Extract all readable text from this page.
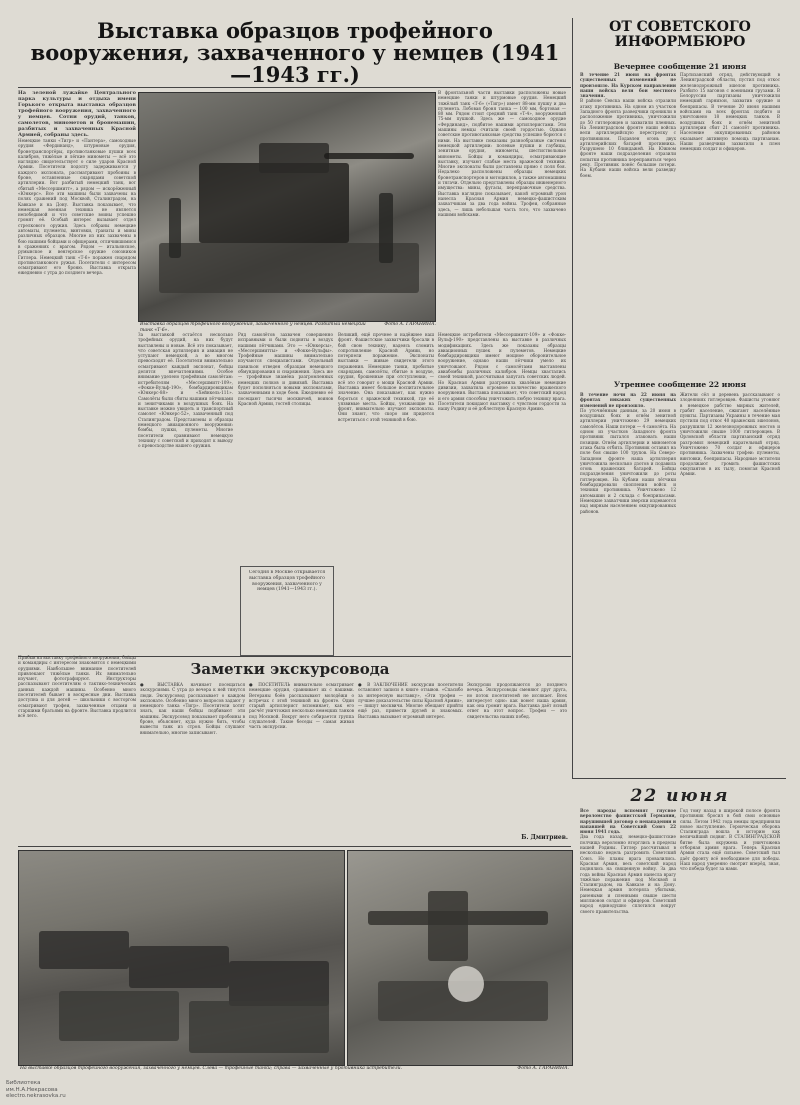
Выставка образцов трофейного вооружения, захваченного у немцев (1941—1943 гг.)
ОТ СОВЕТСКОГО ИНФОРМБЮРО
Вечернее сообщение 21 июня

На зеленой лужайке Центрального парка культуры и отдыха имени Горького открыта выставка образцов трофейного вооружения, захваченного у немцев. Сотни орудий, танков, самолетов, минометов и бронемашин, разбитых и захваченных Красной Армией, собраны здесь.

Немецкие танки «Тигр» и «Пантера», самоходные орудия «Фердинанд», штурмовые орудия, бронетранспортёры, противотанковые пушки всех калибров, тяжёлые и лёгкие минометы — всё это наглядно свидетельствует о силе ударов Красной Армии. Посетители подолгу задерживаются у каждого экспоната, рассматривают пробоины в броне, оставленные снарядами советской артиллерии. Вот разбитый немецкий танк, вот сбитый «Мессершмитт», а рядом — искорёженный «Юнкерс». Все эти машины были захвачены на полях сражений под Москвой, Сталинградом, на Кавказе и на Дону. Выставка показывает, что немецкая военная техника не является непобедимой и что советские воины успешно громят её. Особый интерес вызывает отдел стрелкового оружия. Здесь собраны немецкие автоматы, пулеметы, винтовки, гранаты и мины различных образцов. Многие из них захвачены в бою нашими бойцами и офицерами, отличившимися в сражениях с врагом. Рядом — итальянское, румынское и венгерское оружие союзников Гитлера. Немецкий танк «Т-6» поражен снарядом противотанкового ружья. Посетители с интересом осматривают его броню. Выставка открыта ежедневно с утра до позднего вечера.

В фронтальной части выставки расположены новые немецкие танки и штурмовые орудия. Немецкий тяжёлый танк «Т-6» («Тигр») имеет 88-мм пушку и два пулемета. Лобовая броня танка — 100 мм, бортовая — 80 мм. Рядом стоит средний танк «Т-4», вооруженный 75-мм пушкой. Здесь же — самоходное орудие «Фердинанд», подбитое нашими артиллеристами. Эти машины немцы считали своей гордостью. Однако советские противотанковые средства успешно борются с ними. На выставке показаны разнообразные системы немецкой артиллерии: полевые пушки и гаубицы, зенитные орудия, минометы, шестиствольные минометы. Бойцы и командиры, осматривающие выставку, изучают слабые места вражеской техники. Многие экспонаты были доставлены прямо с поля боя. Недалеко расположены образцы немецких бронетранспортеров и мотоциклов, а также автомашины и тягачи. Отдельно представлены образцы инженерного имущества: мины, фугасы, переправочные средства. Выставка наглядно показывает, какой огромный урон нанесла Красная Армия немецко-фашистским захватчикам за два года войны. Трофеи, собранные здесь, — лишь небольшая часть того, что захвачено нашими войсками.

Выставка образцов трофейного вооружения, захваченного у немцев. Разбитый немецкий танк «Т-6».
Фото А. ГАРАНИНА.

За выставкой остаётся несколько трофейных орудий, на них будут выставлены и новые. Всё это показывает, что советская артиллерия и авиация не уступают немецкой, а во многом превосходят её. Посетители внимательно осматривают каждый экспонат, бойцы делятся впечатлениями. Особое внимание уделено трофейным самолётам: истребителям «Мессершмитт-109», «Фокке-Вульф-190», бомбардировщикам «Юнкерс-88» и «Хейнкель-111». Самолёты были сбиты нашими лётчиками и зенитчиками в воздушных боях. На выставке можно увидеть и транспортный самолет «Юнкерс-52», захваченный под Сталинградом. Представлены и образцы немецкого авиационного вооружения: бомбы, пушки, пулеметы. Многие посетители сравнивают немецкую технику с советской и приходят к выводу о превосходстве нашего оружия.

Ряд самолётов захвачен совершенно исправными и были подняты в воздух нашими лётчиками. Это — «Юнкерсы», «Мессершмитты» и «Фокке-Вульфы». Трофейные машины внимательно изучаются специалистами. Отдельный павильон отведен образцам немецкого обмундирования и снаряжения. Здесь же — трофейные знамёна разгромленных немецких полков и дивизий. Выставка будет пополняться новыми экспонатами, захваченными в ходе боев. Ежедневно её посещают тысячи москвичей, воинов Красной Армии, гостей столицы.

Великий, ещё прочнее и надёжнее наш фронт. Фашистские захватчики бросали в бой свою технику, надеясь сломить сопротивление Красной Армии, но потерпели поражение. Экспонаты выставки — живые свидетели этого поражения. Немецкие танки, пробитые снарядами, самолёты, сбитые в воздухе, орудия, брошенные при отступлении, — всё это говорит о мощи Красной Армии. Выставка имеет большое воспитательное значение. Она показывает, как нужно бороться с вражеской техникой, где её уязвимые места. Бойцы, уезжающие на фронт, внимательно изучают экспонаты. Они знают, что скоро им придется встретиться с этой техникой в бою.

Сегодня в Москве открывается выставка образцов трофейного вооружения, захваченного у немцев (1941—1943 гг.).

Немецкие истребители «Мессершмитт-109» и «Фокке-Вульф-190» представлены на выставке в различных модификациях. Здесь же показаны образцы авиационных пушек и пулеметов. Немецкие бомбардировщики имеют мощное оборонительное вооружение, однако наши лётчики умело их уничтожают. Рядом с самолётами выставлены авиабомбы различных калибров. Немцы хвастались своей техникой, рассчитывая запугать советских людей. Но Красная Армия разгромила хвалёные немецкие дивизии, захватила огромное количество вражеского вооружения. Выставка показывает, что советский народ и его армия способны уничтожить любую технику врага. Посетители покидают выставку с чувством гордости за нашу Родину и её доблестную Красную Армию.

В течение 21 июня на фронтах существенных изменений не произошло. На Курском направлении наши войска вели бои местного значения.

В районе Севска наши войска отразили атаку противника. На одном из участков Западного фронта разведчики проникли в расположение противника, уничтожили до 50 гитлеровцев и захватили пленных. На Ленинградском фронте наши войска вели артиллерийскую перестрелку с противником. Подавлен огонь двух артиллерийских батарей противника. Разрушено 10 блиндажей. На Южном фронте наши подразделения отразили попытки противника переправиться через реку. Противник понёс большие потери. На Кубани наши войска вели разведку боем.

Партизанский отряд, действующий в Ленинградской области, пустил под откос железнодорожный эшелон противника. Разбито 15 вагонов с военными грузами. В Белоруссии партизаны уничтожили немецкий гарнизон, захватив оружие и боеприпасы. В течение 20 июня нашими войсками на всех фронтах подбито и уничтожено 18 немецких танков. В воздушных боях и огнём зенитной артиллерии сбит 21 самолёт противника. Население оккупированных районов оказывает активную помощь партизанам. Наши разведчики захватили в плен немецких солдат и офицеров.

Утреннее сообщение 22 июня

В течение ночи на 22 июня на фронтах никаких существенных изменений не произошло.

По уточнённым данным, за 20 июня в воздушных боях и огнём зенитной артиллерии уничтожено 29 немецких самолётов. Наши потери — 4 самолёта. На одном из участков Западного фронта противник пытался атаковать наши позиции. Огнём артиллерии и минометов атака была отбита. Противник оставил на поле боя свыше 100 трупов. На Северо-Западном фронте наша артиллерия уничтожила несколько дзотов и подавила огонь вражеских батарей. Бойцы подразделения уничтожили до роты гитлеровцев. На Кубани наши лётчики бомбардировали скопления войск и техники противника. Уничтожено 12 автомашин и 2 склада с боеприпасами. Немецкие захватчики зверски издеваются над мирным населением оккупированных районов.

Жители сёл и деревень рассказывают о злодеяниях гитлеровцев. Фашисты угоняют в немецкое рабство мирных жителей, грабят население, сжигают населённые пункты. Партизаны Украины в течение мая пустили под откос 40 вражеских эшелонов, разрушили 12 железнодорожных мостов и уничтожили свыше 1000 гитлеровцев. В Орловской области партизанский отряд разгромил немецкий карательный отряд. Уничтожено 70 солдат и офицеров противника. Захвачены трофеи: пулеметы, винтовки, боеприпасы. Народные мстители продолжают громить фашистских оккупантов в их тылу, помогая Красной Армии.

Заметки экскурсовода

Прибыв на выставку трофейного вооружения, бойцы и командиры с интересом знакомятся с немецкими орудиями. Наибольшее внимание посетителей привлекают тяжёлые танки. Их внимательно изучают, фотографируют. Инструкторы рассказывают посетителям о тактико-технических данных каждой машины. Особенно много посетителей бывает в воскресные дни. Выставка доступна и для детей — школьники с восторгом осматривают трофеи, захваченные отцами и старшими братьями на фронте. Выставка продлится всё лето.

● ВЫСТАВКА начинает посещаться экскурсиями. С утра до вечера к ней тянутся люди. Экскурсовод рассказывает о каждом экспонате. Особенно много вопросов задают у немецкого танка «Тигр». Посетители хотят знать, как наши бойцы подбивают эти машины. Экскурсовод показывает пробоины в броне, объясняет, куда нужно бить, чтобы вывести танк из строя. Бойцы слушают внимательно, многие записывают.

● ПОСЕТИТЕЛЬ внимательно осматривает немецкие орудия, сравнивает их с нашими. Ветераны боёв рассказывают молодёжи о встречах с этой техникой на фронте. Один старый артиллерист вспоминает, как его расчёт уничтожил несколько немецких танков под Москвой. Вокруг него собирается группа слушателей. Такие беседы — самая живая часть экскурсии.

● В ЗАКЛЮЧЕНИЕ экскурсии посетители оставляют записи в книге отзывов. «Спасибо за интересную выставку», «Эти трофеи — лучшее доказательство силы Красной Армии», — пишут москвичи. Многие обещают прийти ещё раз, привести друзей и знакомых. Выставка вызывает огромный интерес.

Экскурсии продолжаются до позднего вечера. Экскурсоводы сменяют друг друга, но поток посетителей не иссякает. Всех интересует одно: как воюет наша армия, как она громит врага. Выставка даёт ясный ответ на этот вопрос. Трофеи — это свидетельства наших побед.

Б. Дмитриев.
На выставке образцов трофейного вооружения, захваченного у немцев. Слева — трофейные танки; справа — захваченные у противника истребители.	Фото А. ГАРАНИНА.
22 июня

Все народы вспомнят гнусное вероломство фашистской Германии, нарушившей договор о ненападении и напавшей на Советский Союз 22 июня 1941 года.

Два года назад немецко-фашистские полчища вероломно вторглись в пределы нашей Родины. Гитлер рассчитывал в несколько недель разгромить Советский Союз. Но планы врага провалились. Красная Армия, весь советский народ поднялись на священную войну. За два года войны Красная Армия нанесла врагу тяжёлые поражения под Москвой и Сталинградом, на Кавказе и на Дону. Немецкая армия потеряла убитыми, ранеными и пленными свыше шести миллионов солдат и офицеров. Советский народ единодушно сплотился вокруг своего правительства.

Год тому назад в широкой полосе фронта противник бросил в бой свои основные силы. Летом 1942 года немцы предприняли новое наступление. Героическая оборона Сталинграда вошла в историю как величайший подвиг. В СТАЛИНГРАДСКОЙ битве была окружена и уничтожена отборная армия врага. Теперь Красная Армия стала ещё сильнее. Советский тыл даёт фронту всё необходимое для победы. Наш народ уверенно смотрит вперёд, зная, что победа будет за нами.

Библиотека
им.Н.А.Некрасова
electro.nekrasovka.ru
